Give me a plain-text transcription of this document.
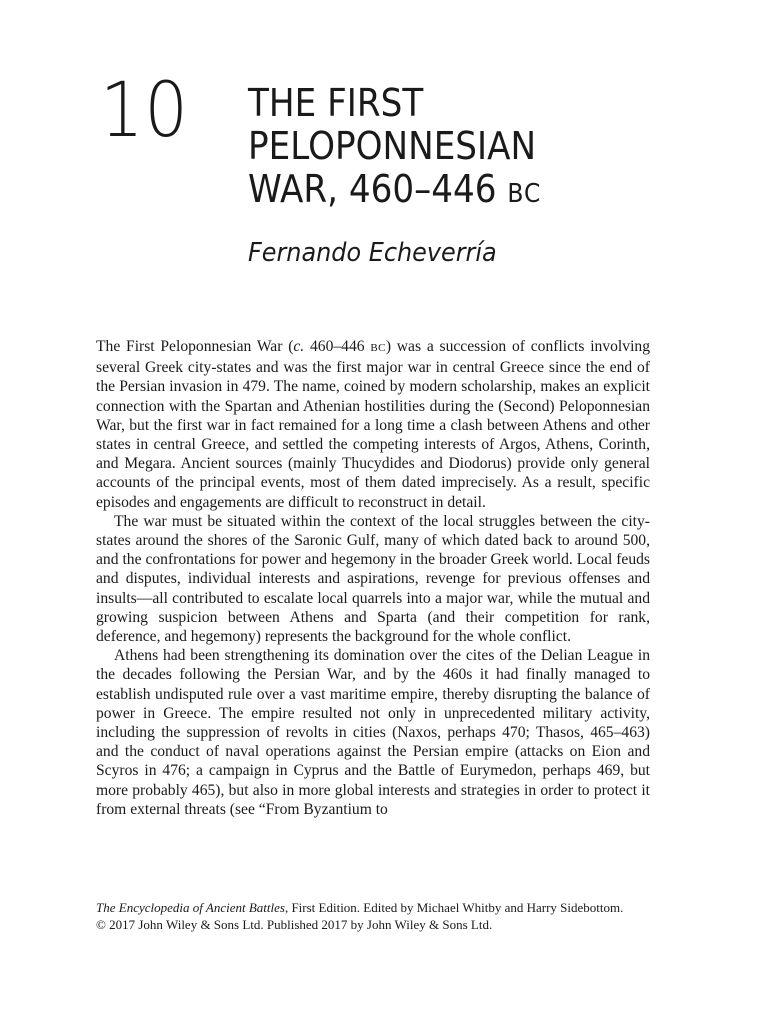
10 THE FIRST
PELOPONNESIAN
WAR, 460–446 BC
Fernando Echeverría

The First Peloponnesian War (c. 460–446 BC) was a succession of conflicts involving several Greek city-states and was the first major war in central Greece since the end of the Persian invasion in 479. The name, coined by modern scholarship, makes an explicit connection with the Spartan and Athenian hostilities during the (Second) Peloponnesian War, but the first war in fact remained for a long time a clash between Athens and other states in central Greece, and settled the competing interests of Argos, Athens, Corinth, and Megara. Ancient sources (mainly Thucydides and Diodorus) provide only general accounts of the principal events, most of them dated imprecisely. As a result, specific episodes and engagements are difficult to reconstruct in detail.

The war must be situated within the context of the local struggles between the city-states around the shores of the Saronic Gulf, many of which dated back to around 500, and the confrontations for power and hegemony in the broader Greek world. Local feuds and disputes, individual interests and aspirations, revenge for previous offenses and insults—all contributed to escalate local quarrels into a major war, while the mutual and growing suspicion between Athens and Sparta (and their competition for rank, deference, and hegemony) represents the background for the whole conflict.

Athens had been strengthening its domination over the cites of the Delian League in the decades following the Persian War, and by the 460s it had finally managed to establish undisputed rule over a vast maritime empire, thereby disrupting the balance of power in Greece. The empire resulted not only in unprecedented military activity, including the suppression of revolts in cities (Naxos, perhaps 470; Thasos, 465–463) and the conduct of naval operations against the Persian empire (attacks on Eion and Scyros in 476; a campaign in Cyprus and the Battle of Eurymedon, perhaps 469, but more probably 465), but also in more global interests and strategies in order to protect it from external threats (see “From Byzantium to

The Encyclopedia of Ancient Battles, First Edition. Edited by Michael Whitby and Harry Sidebottom.

© 2017 John Wiley & Sons Ltd. Published 2017 by John Wiley & Sons Ltd.
